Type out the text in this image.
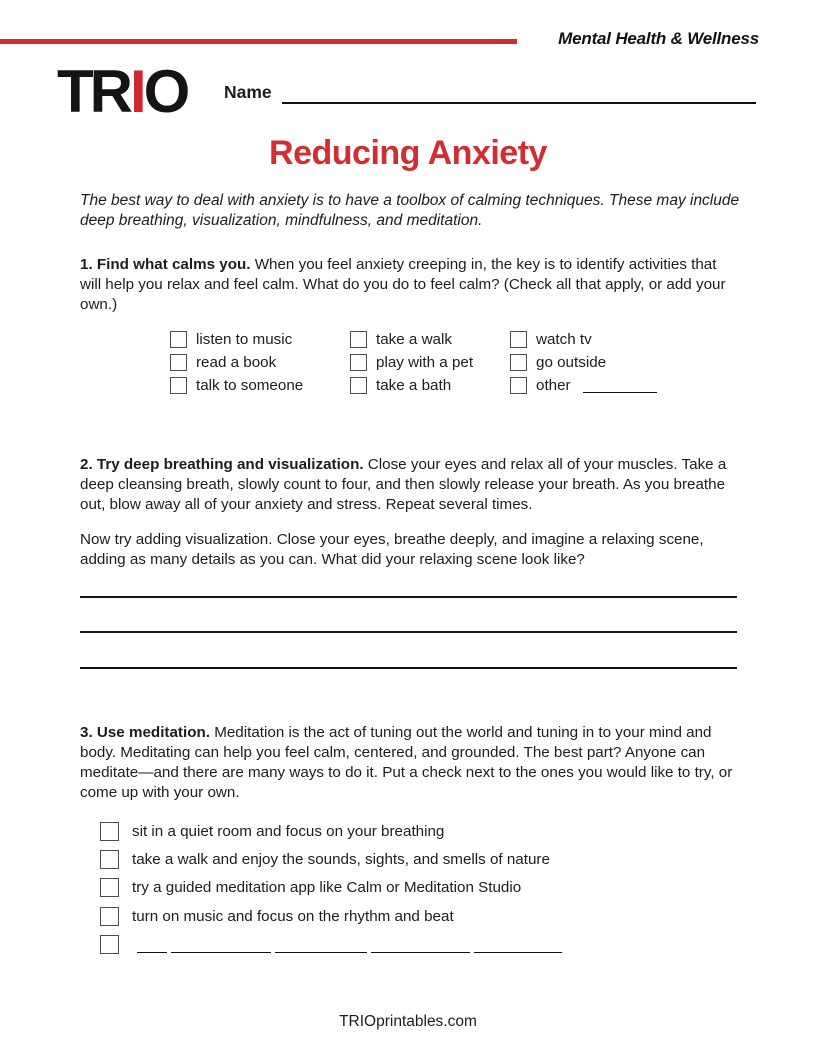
Mental Health & Wellness
TRIO Name
Reducing Anxiety
The best way to deal with anxiety is to have a toolbox of calming techniques. These may include deep breathing, visualization, mindfulness, and meditation.
1. Find what calms you. When you feel anxiety creeping in, the key is to identify activities that will help you relax and feel calm. What do you do to feel calm? (Check all that apply, or add your own.)
listen to music
read a book
talk to someone
take a walk
play with a pet
take a bath
watch tv
go outside
other
2. Try deep breathing and visualization. Close your eyes and relax all of your muscles. Take a deep cleansing breath, slowly count to four, and then slowly release your breath. As you breathe out, blow away all of your anxiety and stress. Repeat several times.
Now try adding visualization. Close your eyes, breathe deeply, and imagine a relaxing scene, adding as many details as you can. What did your relaxing scene look like?
3. Use meditation. Meditation is the act of tuning out the world and tuning in to your mind and body. Meditating can help you feel calm, centered, and grounded. The best part? Anyone can meditate—and there are many ways to do it. Put a check next to the ones you would like to try, or come up with your own.
sit in a quiet room and focus on your breathing
take a walk and enjoy the sounds, sights, and smells of nature
try a guided meditation app like Calm or Meditation Studio
turn on music and focus on the rhythm and beat
TRIOprintables.com
